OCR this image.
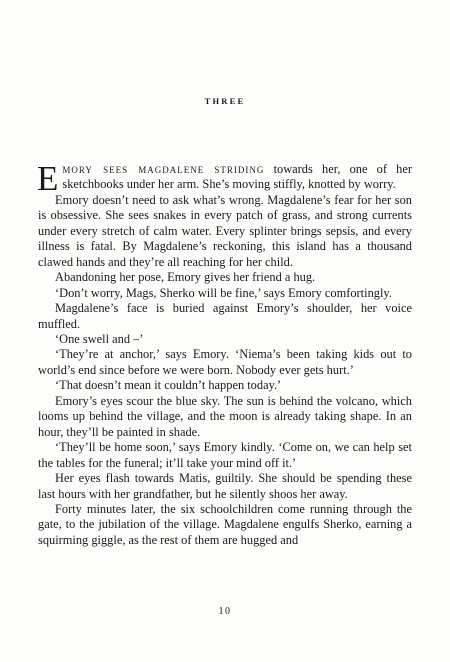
THREE

Emory sees magdalene striding towards her, one of her sketchbooks under her arm. She’s moving stiffly, knotted by worry.

Emory doesn’t need to ask what’s wrong. Magdalene’s fear for her son is obsessive. She sees snakes in every patch of grass, and strong currents under every stretch of calm water. Every splinter brings sepsis, and every illness is fatal. By Magdalene’s reckoning, this island has a thousand clawed hands and they’re all reaching for her child.

Abandoning her pose, Emory gives her friend a hug.

‘Don’t worry, Mags, Sherko will be fine,’ says Emory comfortingly.

Magdalene’s face is buried against Emory’s shoulder, her voice muffled.

‘One swell and –’

‘They’re at anchor,’ says Emory. ‘Niema’s been taking kids out to world’s end since before we were born. Nobody ever gets hurt.’

‘That doesn’t mean it couldn’t happen today.’

Emory’s eyes scour the blue sky. The sun is behind the volcano, which looms up behind the village, and the moon is already taking shape. In an hour, they’ll be painted in shade.

‘They’ll be home soon,’ says Emory kindly. ‘Come on, we can help set the tables for the funeral; it’ll take your mind off it.’

Her eyes flash towards Matis, guiltily. She should be spending these last hours with her grandfather, but he silently shoos her away.

Forty minutes later, the six schoolchildren come running through the gate, to the jubilation of the village. Magdalene engulfs Sherko, earning a squirming giggle, as the rest of them are hugged and

10
